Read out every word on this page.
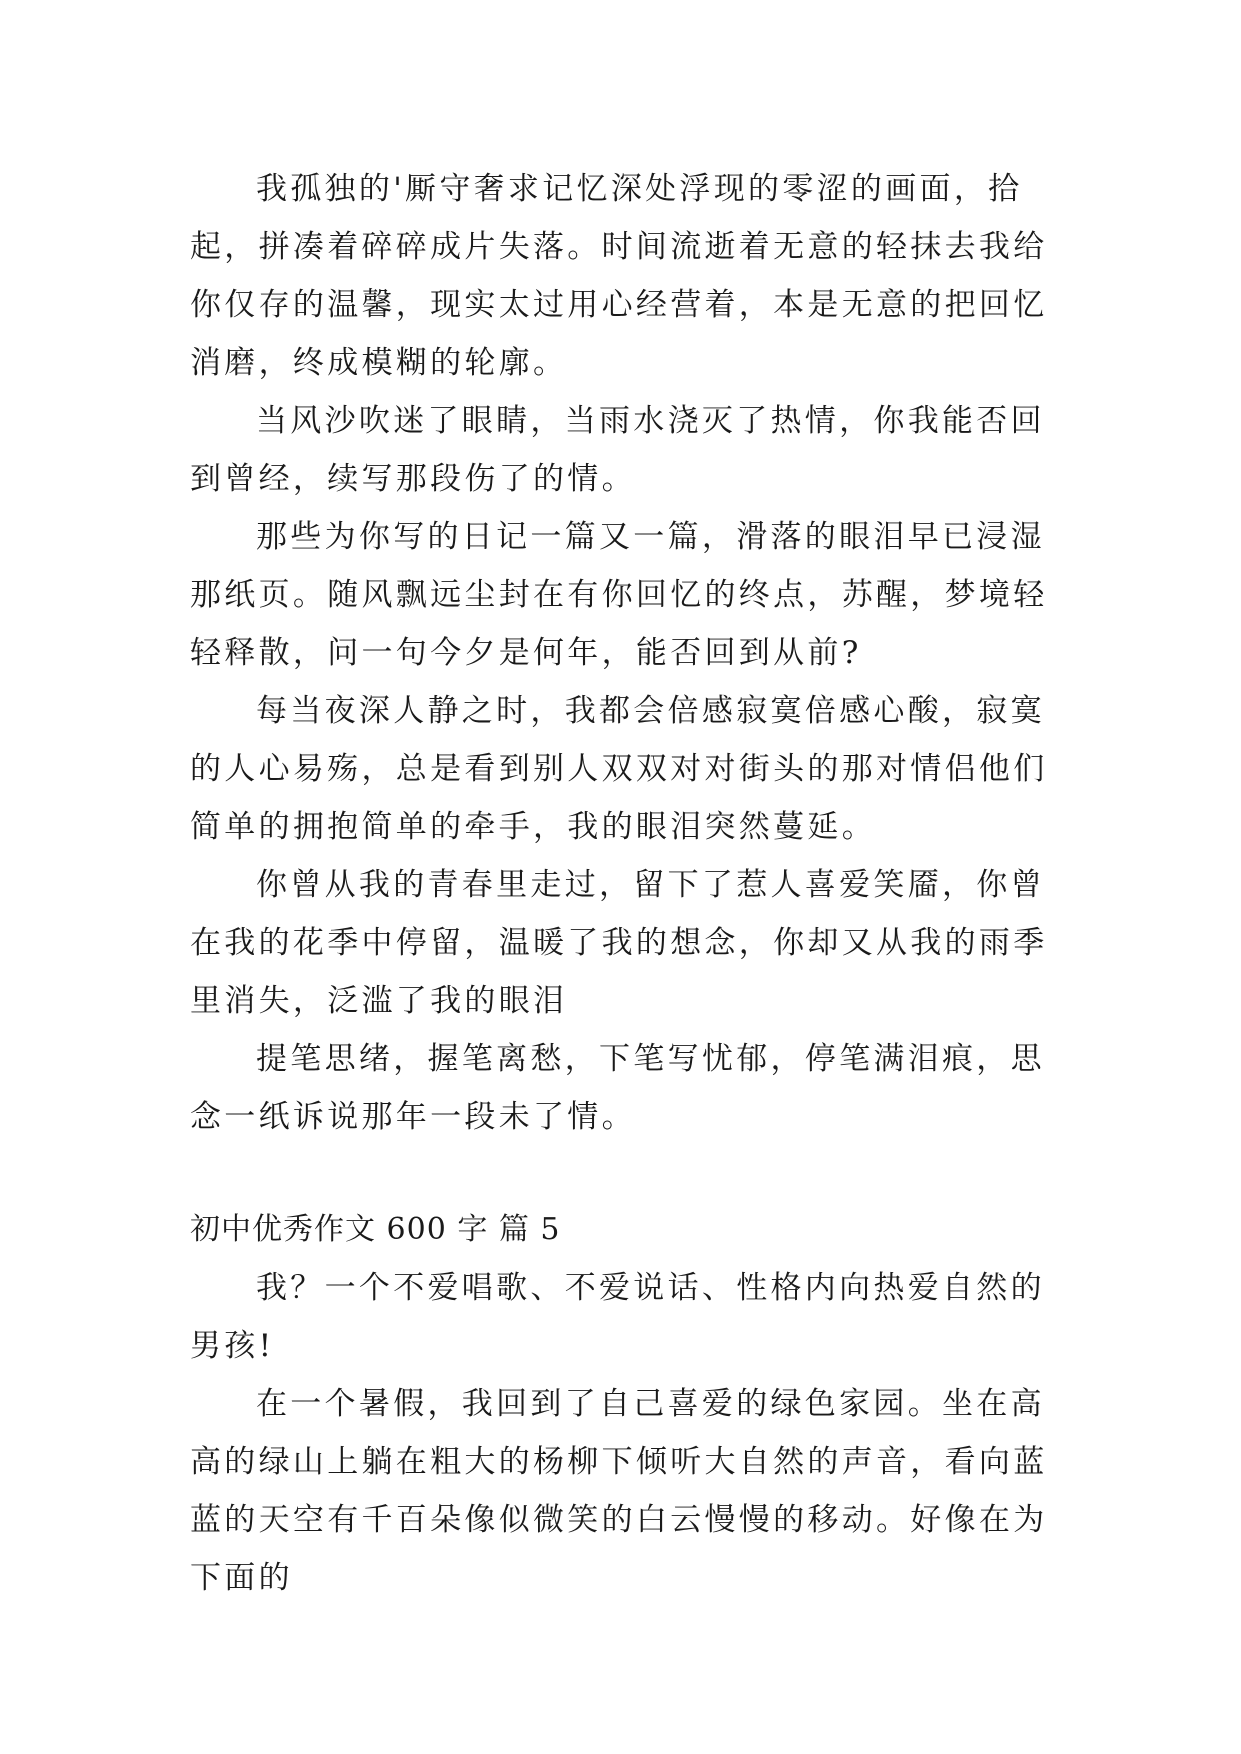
我孤独的'厮守奢求记忆深处浮现的零涩的画面，拾起，拼凑着碎碎成片失落。时间流逝着无意的轻抹去我给你仅存的温馨，现实太过用心经营着，本是无意的把回忆消磨，终成模糊的轮廓。

当风沙吹迷了眼睛，当雨水浇灭了热情，你我能否回到曾经，续写那段伤了的情。

那些为你写的日记一篇又一篇，滑落的眼泪早已浸湿那纸页。随风飘远尘封在有你回忆的终点，苏醒，梦境轻轻释散，问一句今夕是何年，能否回到从前?

每当夜深人静之时，我都会倍感寂寞倍感心酸，寂寞的人心易殇，总是看到别人双双对对街头的那对情侣他们简单的拥抱简单的牵手，我的眼泪突然蔓延。

你曾从我的青春里走过，留下了惹人喜爱笑靥，你曾在我的花季中停留，温暖了我的想念，你却又从我的雨季里消失，泛滥了我的眼泪

提笔思绪，握笔离愁，下笔写忧郁，停笔满泪痕，思念一纸诉说那年一段未了情。

初中优秀作文 600 字 篇 5

我？一个不爱唱歌、不爱说话、性格内向热爱自然的男孩!

在一个暑假，我回到了自己喜爱的绿色家园。坐在高高的绿山上躺在粗大的杨柳下倾听大自然的声音，看向蓝蓝的天空有千百朵像似微笑的白云慢慢的移动。好像在为下面的
